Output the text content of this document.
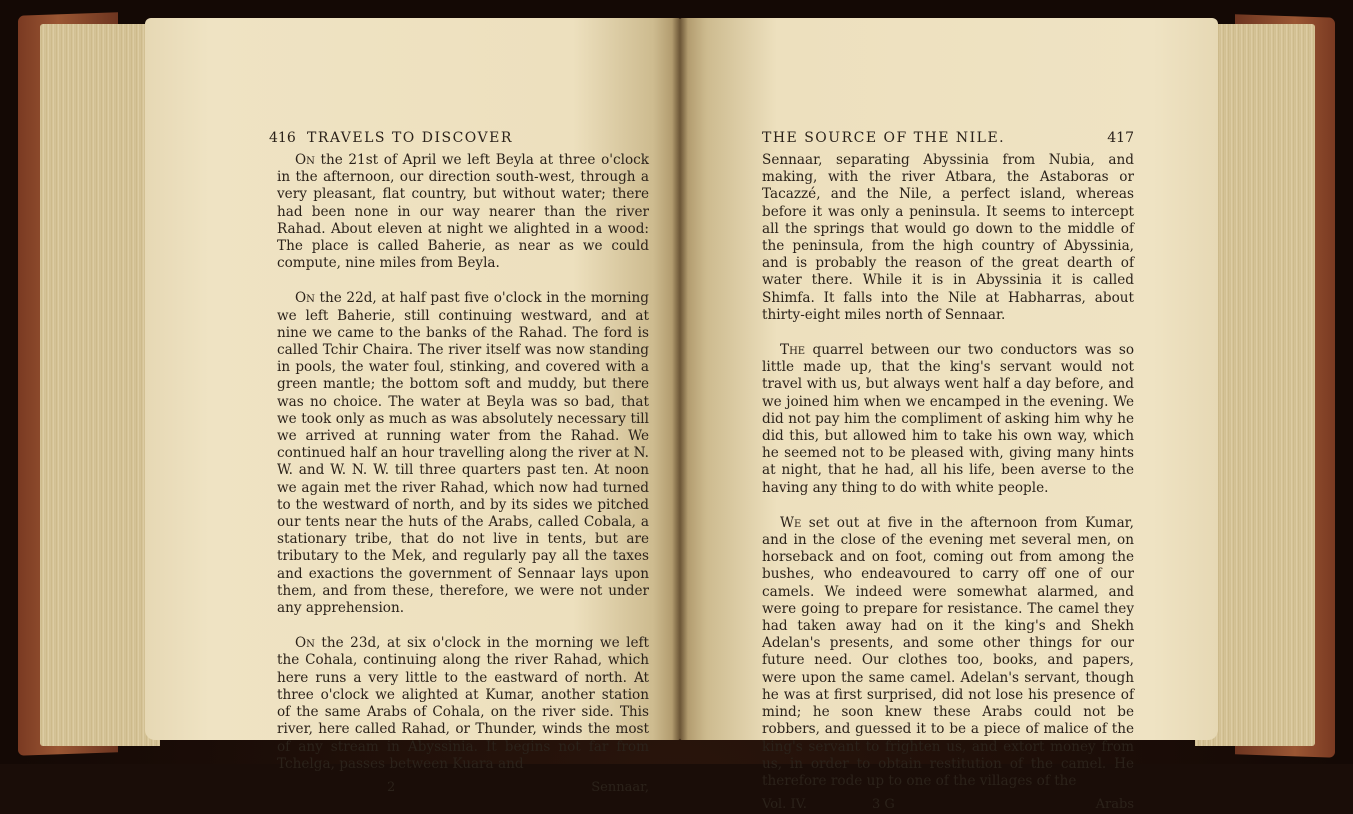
416 TRAVELS TO DISCOVER

On the 21st of April we left Beyla at three o'clock in the afternoon, our direction south-west, through a very pleasant, flat country, but without water; there had been none in our way nearer than the river Rahad. About eleven at night we alighted in a wood: The place is called Baherie, as near as we could compute, nine miles from Beyla.

On the 22d, at half past five o'clock in the morning we left Baherie, still continuing westward, and at nine we came to the banks of the Rahad. The ford is called Tchir Chaira. The river itself was now standing in pools, the water foul, stinking, and covered with a green mantle; the bottom soft and muddy, but there was no choice. The water at Beyla was so bad, that we took only as much as was absolutely necessary till we arrived at running water from the Rahad. We continued half an hour travelling along the river at N. W. and W. N. W. till three quarters past ten. At noon we again met the river Rahad, which now had turned to the westward of north, and by its sides we pitched our tents near the huts of the Arabs, called Cobala, a stationary tribe, that do not live in tents, but are tributary to the Mek, and regularly pay all the taxes and exactions the government of Sennaar lays upon them, and from these, therefore, we were not under any apprehension.

On the 23d, at six o'clock in the morning we left the Cohala, continuing along the river Rahad, which here runs a very little to the eastward of north. At three o'clock we alighted at Kumar, another station of the same Arabs of Cohala, on the river side. This river, here called Rahad, or Thunder, winds the most of any stream in Abyssinia. It begins not far from Tchelga, passes between Kuara and

2	Sennaar,
THE SOURCE OF THE NILE.	417

Sennaar, separating Abyssinia from Nubia, and making, with the river Atbara, the Astaboras or Tacazzé, and the Nile, a perfect island, whereas before it was only a peninsula. It seems to intercept all the springs that would go down to the middle of the peninsula, from the high country of Abyssinia, and is probably the reason of the great dearth of water there. While it is in Abyssinia it is called Shimfa. It falls into the Nile at Habharras, about thirty-eight miles north of Sennaar.

The quarrel between our two conductors was so little made up, that the king's servant would not travel with us, but always went half a day before, and we joined him when we encamped in the evening. We did not pay him the compliment of asking him why he did this, but allowed him to take his own way, which he seemed not to be pleased with, giving many hints at night, that he had, all his life, been averse to the having any thing to do with white people.

We set out at five in the afternoon from Kumar, and in the close of the evening met several men, on horseback and on foot, coming out from among the bushes, who endeavoured to carry off one of our camels. We indeed were somewhat alarmed, and were going to prepare for resistance. The camel they had taken away had on it the king's and Shekh Adelan's presents, and some other things for our future need. Our clothes too, books, and papers, were upon the same camel. Adelan's servant, though he was at first surprised, did not lose his presence of mind; he soon knew these Arabs could not be robbers, and guessed it to be a piece of malice of the king's servant to frighten us, and extort money from us, in order to obtain restitution of the camel. He therefore rode up to one of the villages of the

Vol. IV.	3 G	Arabs
